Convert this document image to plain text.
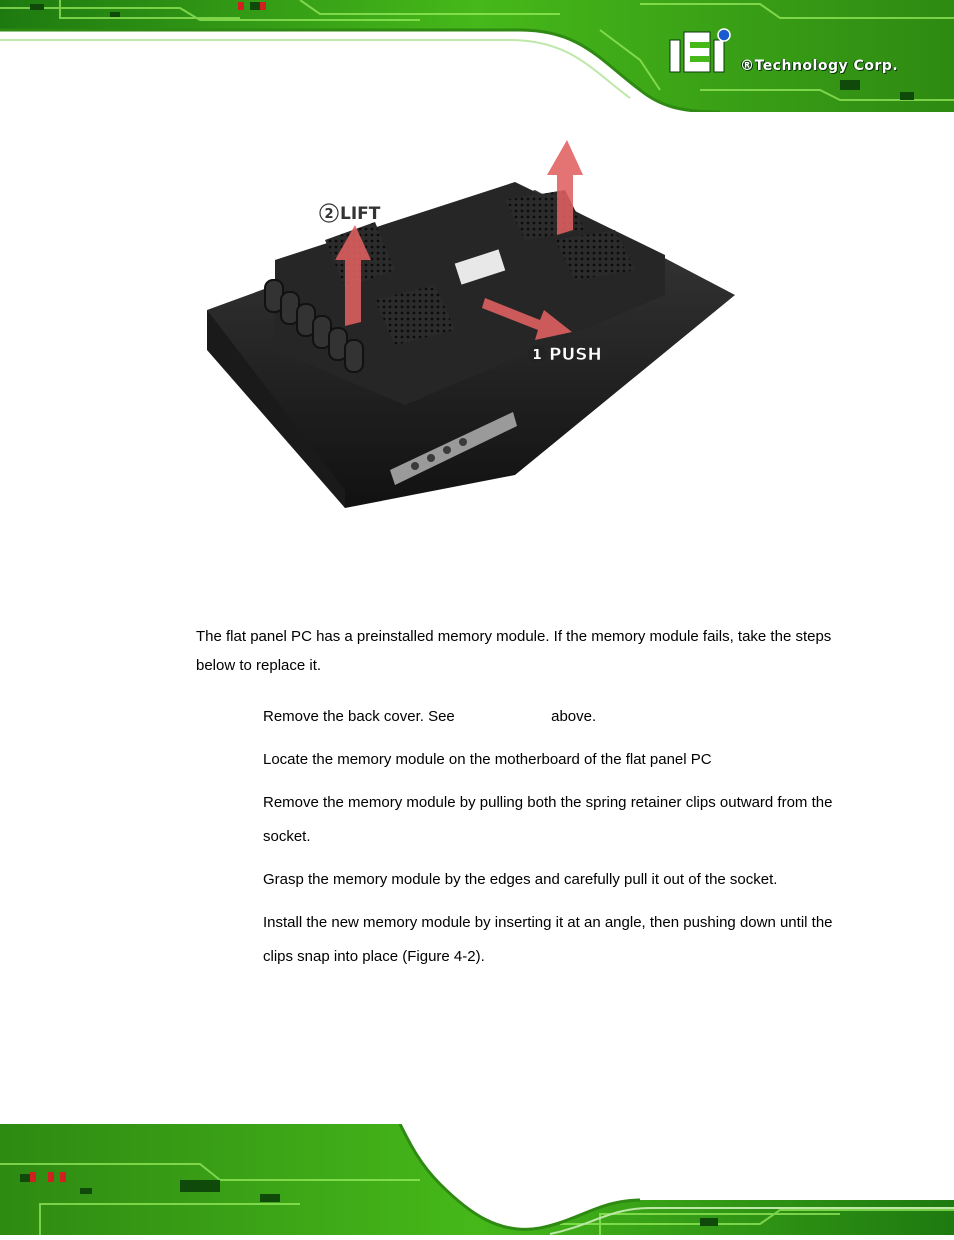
®Technology Corp.
2 LIFT
1 PUSH
The flat panel PC has a preinstalled memory module. If the memory module fails, take the steps below to replace it.
Remove the back cover. See	above.
Locate the memory module on the motherboard of the flat panel PC
Remove the memory module by pulling both the spring retainer clips outward from the socket.
Grasp the memory module by the edges and carefully pull it out of the socket.
Install the new memory module by inserting it at an angle, then pushing down until the clips snap into place (Figure 4-2).
